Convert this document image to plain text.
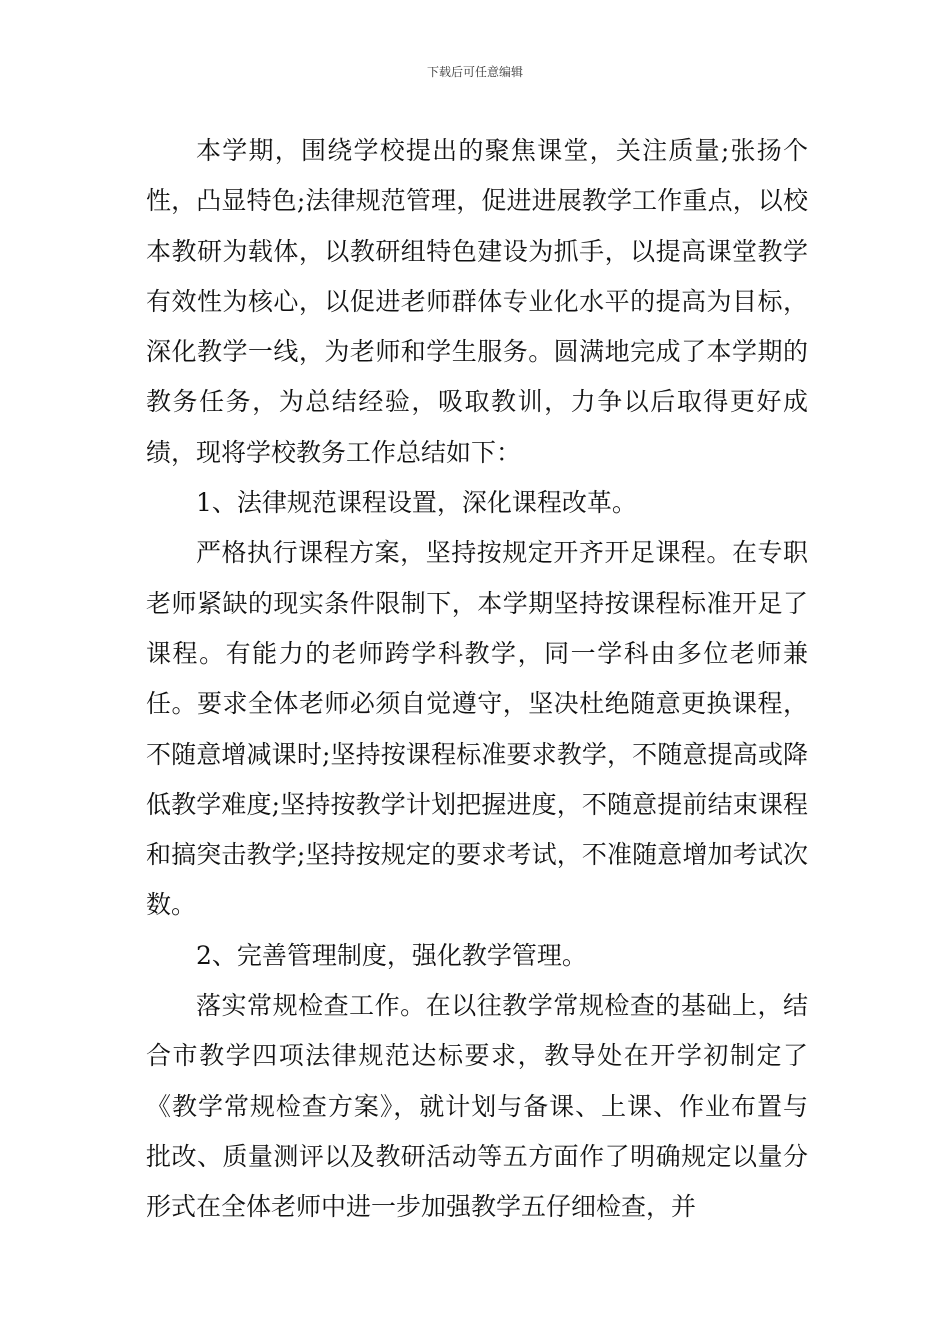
下载后可任意编辑

本学期，围绕学校提出的聚焦课堂，关注质量;张扬个性，凸显特色;法律规范管理，促进进展教学工作重点，以校本教研为载体，以教研组特色建设为抓手，以提高课堂教学有效性为核心，以促进老师群体专业化水平的提高为目标，深化教学一线，为老师和学生服务。圆满地完成了本学期的教务任务，为总结经验，吸取教训，力争以后取得更好成绩，现将学校教务工作总结如下：

1、法律规范课程设置，深化课程改革。

严格执行课程方案，坚持按规定开齐开足课程。在专职老师紧缺的现实条件限制下，本学期坚持按课程标准开足了课程。有能力的老师跨学科教学，同一学科由多位老师兼任。要求全体老师必须自觉遵守，坚决杜绝随意更换课程，不随意增减课时;坚持按课程标准要求教学，不随意提高或降低教学难度;坚持按教学计划把握进度，不随意提前结束课程和搞突击教学;坚持按规定的要求考试，不准随意增加考试次数。

2、完善管理制度，强化教学管理。

落实常规检查工作。在以往教学常规检查的基础上，结合市教学四项法律规范达标要求，教导处在开学初制定了《教学常规检查方案》，就计划与备课、上课、作业布置与批改、质量测评以及教研活动等五方面作了明确规定以量分形式在全体老师中进一步加强教学五仔细检查，并
